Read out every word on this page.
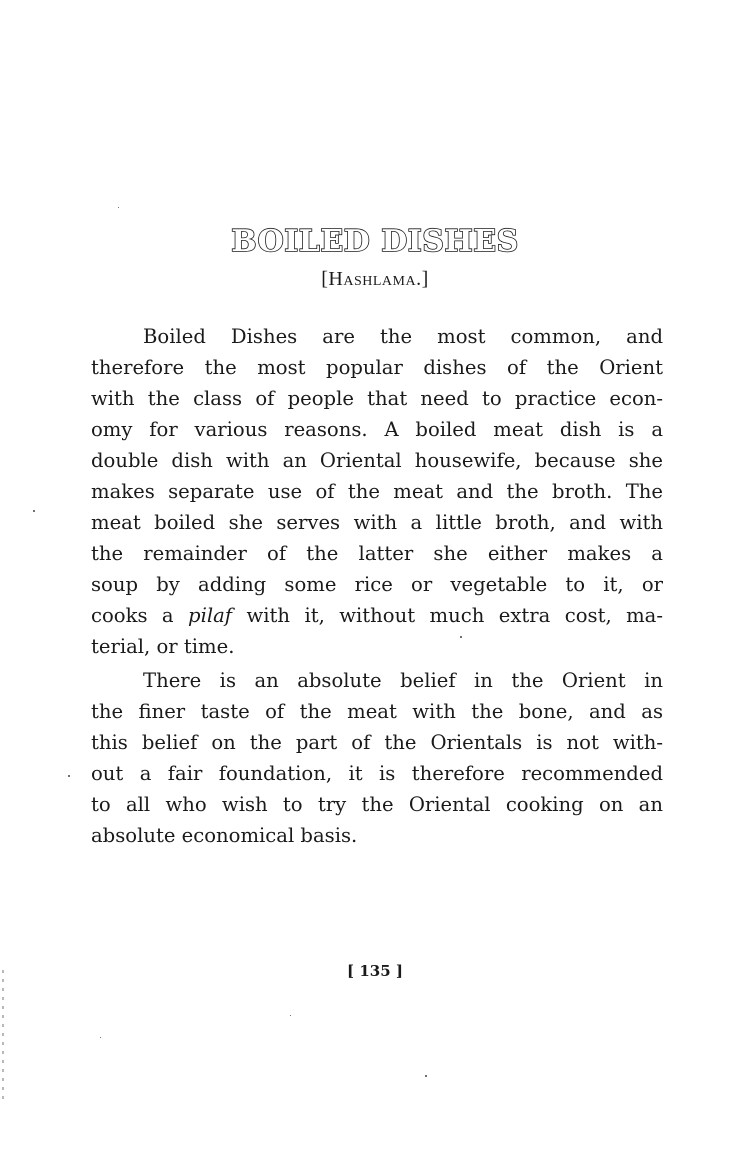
BOILED DISHES
[Hashlama.]
Boiled Dishes are the most common, and
therefore the most popular dishes of the Orient
with the class of people that need to practice econ-
omy for various reasons. A boiled meat dish is a
double dish with an Oriental housewife, because she
makes separate use of the meat and the broth. The
meat boiled she serves with a little broth, and with
the remainder of the latter she either makes a
soup by adding some rice or vegetable to it, or
cooks a pilaf with it, without much extra cost, ma-
terial, or time.
There is an absolute belief in the Orient in
the finer taste of the meat with the bone, and as
this belief on the part of the Orientals is not with-
out a fair foundation, it is therefore recommended
to all who wish to try the Oriental cooking on an
absolute economical basis.
[ 135 ]
